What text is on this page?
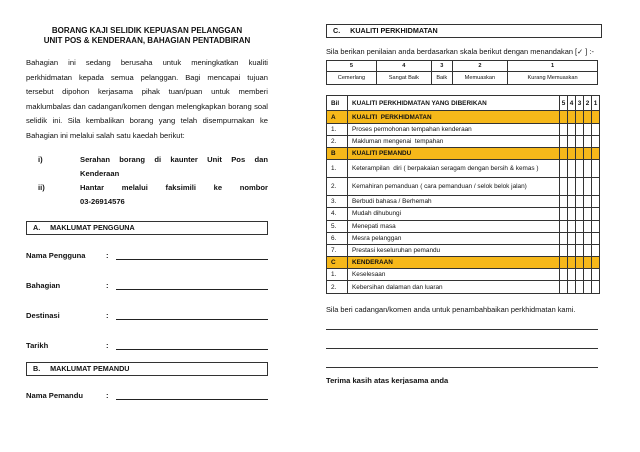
BORANG KAJI SELIDIK KEPUASAN PELANGGAN
UNIT POS & KENDERAAN, BAHAGIAN PENTADBIRAN

Bahagian ini sedang berusaha untuk meningkatkan kualiti perkhidmatan kepada semua pelanggan. Bagi mencapai tujuan tersebut dipohon kerjasama pihak tuan/puan untuk memberi maklumbalas dan cadangan/komen dengan melengkapkan borang soal selidik ini. Sila kembalikan borang yang telah disempurnakan ke Bahagian ini melalui salah satu kaedah berikut:

i)	Serahan borang di kaunter Unit Pos dan
Kenderaan
ii)	Hantar melalui faksimili ke nombor
03-26914576
A.     MAKLUMAT PENGGUNA
Nama Pengguna	:
Bahagian	:
Destinasi	:
Tarikh	:
B.     MAKLUMAT PEMANDU
Nama Pemandu	:
C.     KUALITI PERKHIDMATAN
Sila berikan penilaian anda berdasarkan skala berikut dengan menandakan [✓ ] :-
5	4	3	2	1
Cemerlang	Sangat Baik	Baik	Memuaskan	Kurang Memuaskan
Bil	KUALITI PERKHIDMATAN YANG DIBERIKAN	5	4	3	2	1
A	KUALITI  PERKHIDMATAN					
1.	Proses permohonan tempahan kenderaan					
2.	Makluman mengenai  tempahan					
B	KUALITI PEMANDU					
1.	Keterampilan  diri ( berpakaian seragam dengan bersih & kemas )					
2.	Kemahiran pemanduan ( cara pemanduan / selok belok jalan)					
3.	Berbudi bahasa / Berhemah					
4.	Mudah dihubungi					
5.	Menepati masa					
6.	Mesra pelanggan					
7.	Prestasi keseluruhan pemandu					
C	KENDERAAN					
1.	Keselesaan					
2.	Kebersihan dalaman dan luaran					
Sila beri cadangan/komen anda untuk penambahbaikan perkhidmatan kami.
Terima kasih atas kerjasama anda
